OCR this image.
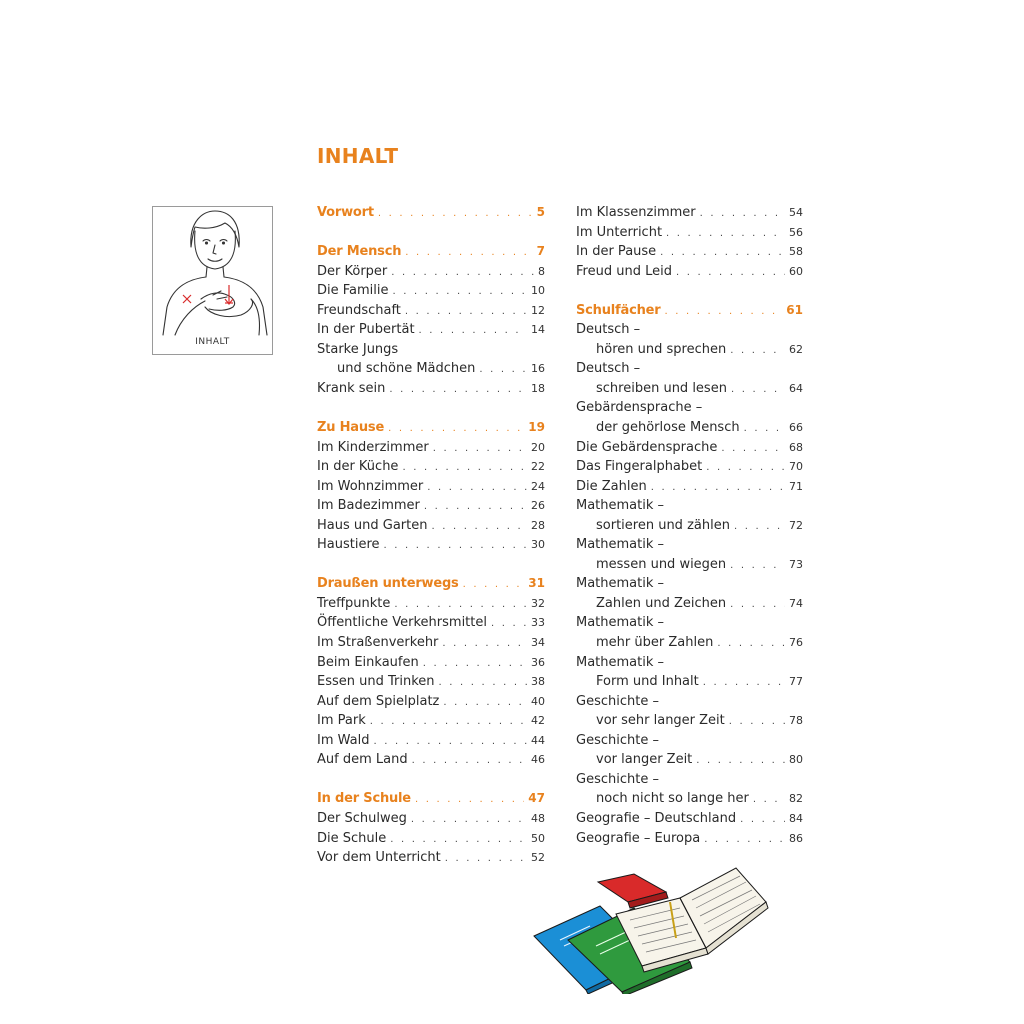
INHALT
INHALT
Vorwort . . .	5
Der Mensch . . .	7
Der Körper . . .	8
Die Familie . . .	10
Freundschaft . . .	12
In der Pubertät . . .	14
Starke Jungs
und schöne Mädchen . . .	16
Krank sein . . .	18
Zu Hause . . .	19
Im Kinderzimmer . . .	20
In der Küche . . .	22
Im Wohnzimmer . . .	24
Im Badezimmer . . .	26
Haus und Garten . . .	28
Haustiere . . .	30
Draußen unterwegs . . .	31
Treffpunkte . . .	32
Öffentliche Verkehrsmittel . . .	33
Im Straßenverkehr . . .	34
Beim Einkaufen . . .	36
Essen und Trinken . . .	38
Auf dem Spielplatz . . .	40
Im Park . . .	42
Im Wald . . .	44
Auf dem Land . . .	46
In der Schule . . .	47
Der Schulweg . . .	48
Die Schule . . .	50
Vor dem Unterricht . . .	52
Im Klassenzimmer . . .	54
Im Unterricht . . .	56
In der Pause . . .	58
Freud und Leid . . .	60
Schulfächer . . .	61
Deutsch –
hören und sprechen . . .	62
Deutsch –
schreiben und lesen . . .	64
Gebärdensprache –
der gehörlose Mensch . . .	66
Die Gebärdensprache . . .	68
Das Fingeralphabet . . .	70
Die Zahlen . . .	71
Mathematik –
sortieren und zählen . . .	72
Mathematik –
messen und wiegen . . .	73
Mathematik –
Zahlen und Zeichen . . .	74
Mathematik –
mehr über Zahlen . . .	76
Mathematik –
Form und Inhalt . . .	77
Geschichte –
vor sehr langer Zeit . . .	78
Geschichte –
vor langer Zeit . . .	80
Geschichte –
noch nicht so lange her . . .	82
Geografie – Deutschland . . .	84
Geografie – Europa . . .	86
